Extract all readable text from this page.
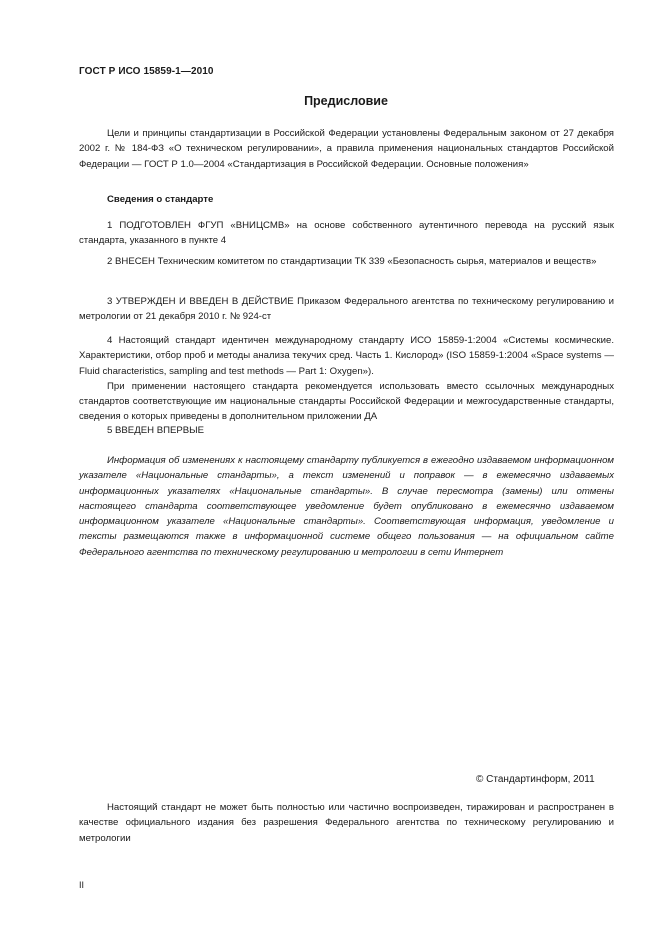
ГОСТ Р ИСО 15859-1—2010
Предисловие

Цели и принципы стандартизации в Российской Федерации установлены Федеральным законом от 27 декабря 2002 г. № 184-ФЗ «О техническом регулировании», а правила применения национальных стандартов Российской Федерации — ГОСТ Р 1.0—2004 «Стандартизация в Российской Федерации. Основные положения»

Сведения о стандарте

1 ПОДГОТОВЛЕН ФГУП «ВНИЦСМВ» на основе собственного аутентичного перевода на русский язык стандарта, указанного в пункте 4

2 ВНЕСЕН Техническим комитетом по стандартизации ТК 339 «Безопасность сырья, материалов и веществ»

3 УТВЕРЖДЕН И ВВЕДЕН В ДЕЙСТВИЕ Приказом Федерального агентства по техническому регулированию и метрологии от 21 декабря 2010 г. № 924-ст

4 Настоящий стандарт идентичен международному стандарту ИСО 15859-1:2004 «Системы космические. Характеристики, отбор проб и методы анализа текучих сред. Часть 1. Кислород» (ISO 15859-1:2004 «Space systems — Fluid characteristics, sampling and test methods — Part 1: Oxygen»).

При применении настоящего стандарта рекомендуется использовать вместо ссылочных международных стандартов соответствующие им национальные стандарты Российской Федерации и межгосударственные стандарты, сведения о которых приведены в дополнительном приложении ДА

5 ВВЕДЕН ВПЕРВЫЕ

Информация об изменениях к настоящему стандарту публикуется в ежегодно издаваемом информационном указателе «Национальные стандарты», а текст изменений и поправок — в ежемесячно издаваемых информационных указателях «Национальные стандарты». В случае пересмотра (замены) или отмены настоящего стандарта соответствующее уведомление будет опубликовано в ежемесячно издаваемом информационном указателе «Национальные стандарты». Соответствующая информация, уведомление и тексты размещаются также в информационной системе общего пользования — на официальном сайте Федерального агентства по техническому регулированию и метрологии в сети Интернет

© Стандартинформ, 2011

Настоящий стандарт не может быть полностью или частично воспроизведен, тиражирован и распространен в качестве официального издания без разрешения Федерального агентства по техническому регулированию и метрологии

II
